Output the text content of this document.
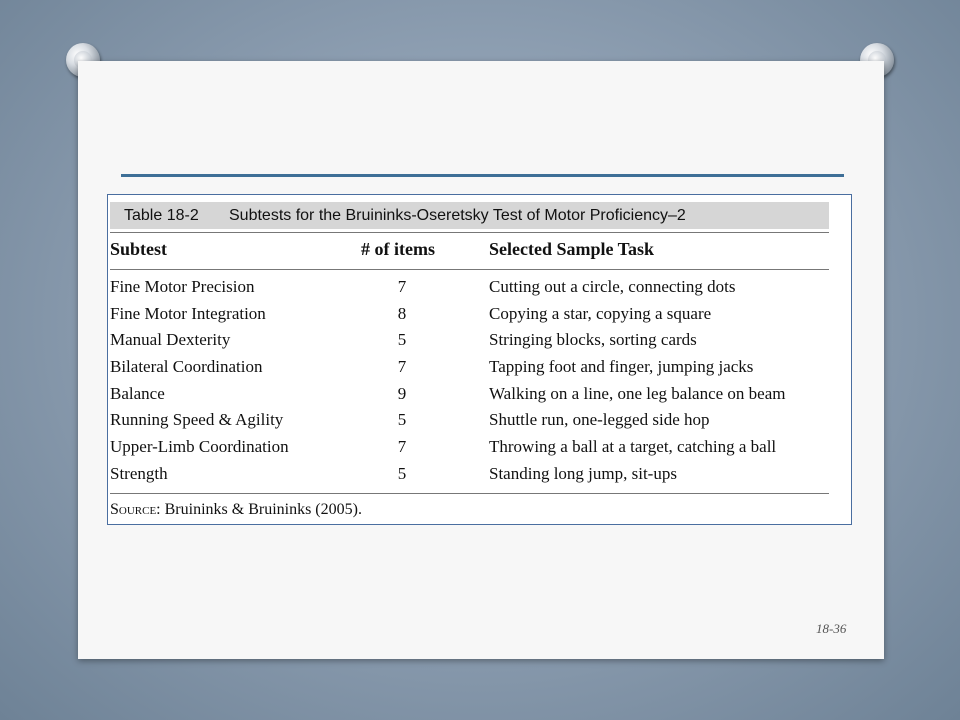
Table 18-2 Subtests for the Bruininks-Oseretsky Test of Motor Proficiency–2
Subtest	# of items	Selected Sample Task
Fine Motor Precision	7	Cutting out a circle, connecting dots
Fine Motor Integration	8	Copying a star, copying a square
Manual Dexterity	5	Stringing blocks, sorting cards
Bilateral Coordination	7	Tapping foot and finger, jumping jacks
Balance	9	Walking on a line, one leg balance on beam
Running Speed & Agility	5	Shuttle run, one-legged side hop
Upper-Limb Coordination	7	Throwing a ball at a target, catching a ball
Strength	5	Standing long jump, sit-ups
Source: Bruininks & Bruininks (2005).
18-36
